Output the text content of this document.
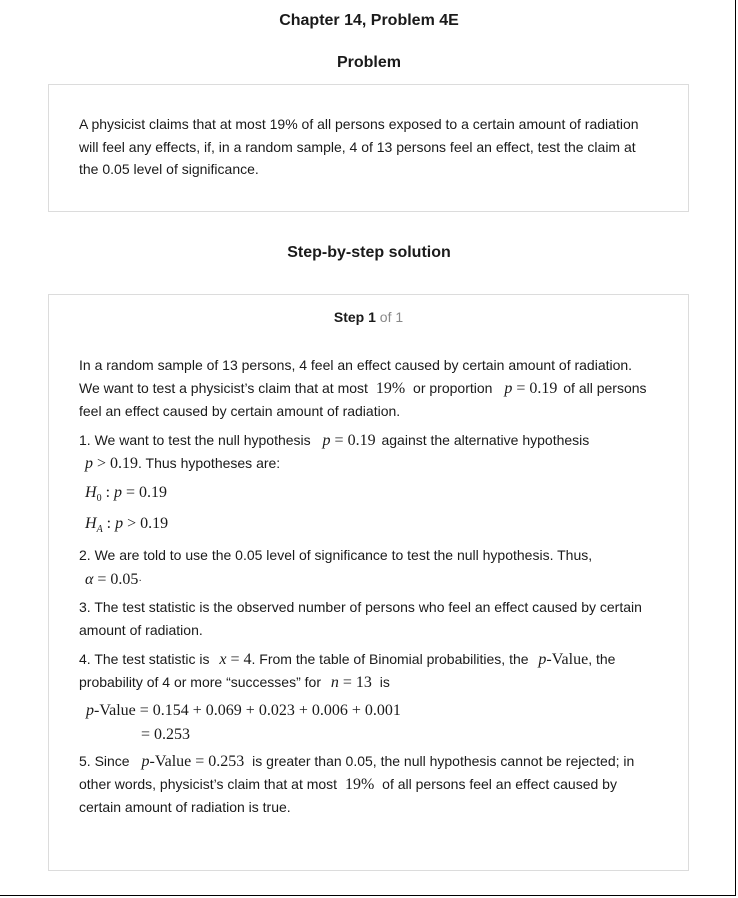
Chapter 14, Problem 4E
Problem
A physicist claims that at most 19% of all persons exposed to a certain amount of radiation will feel any effects, if, in a random sample, 4 of 13 persons feel an effect, test the claim at the 0.05 level of significance.
Step-by-step solution
Step 1 of 1
In a random sample of 13 persons, 4 feel an effect caused by certain amount of radiation.
We want to test a physicist’s claim that at most 19% or proportion p = 0.19 of all persons
feel an effect caused by certain amount of radiation.
1. We want to test the null hypothesis p = 0.19 against the alternative hypothesis
p > 0.19. Thus hypotheses are:
$H_0$ : p = 0.19
$H_A$ : p > 0.19
2. We are told to use the 0.05 level of significance to test the null hypothesis. Thus,
α = 0.05·
3. The test statistic is the observed number of persons who feel an effect caused by certain
amount of radiation.
4. The test statistic is x = 4. From the table of Binomial probabilities, the p-Value, the
probability of 4 or more “successes” for n = 13 is
p-Value = 0.154 + 0.069 + 0.023 + 0.006 + 0.001
= 0.253
5. Since p-Value = 0.253 is greater than 0.05, the null hypothesis cannot be rejected; in
other words, physicist’s claim that at most 19% of all persons feel an effect caused by
certain amount of radiation is true.
